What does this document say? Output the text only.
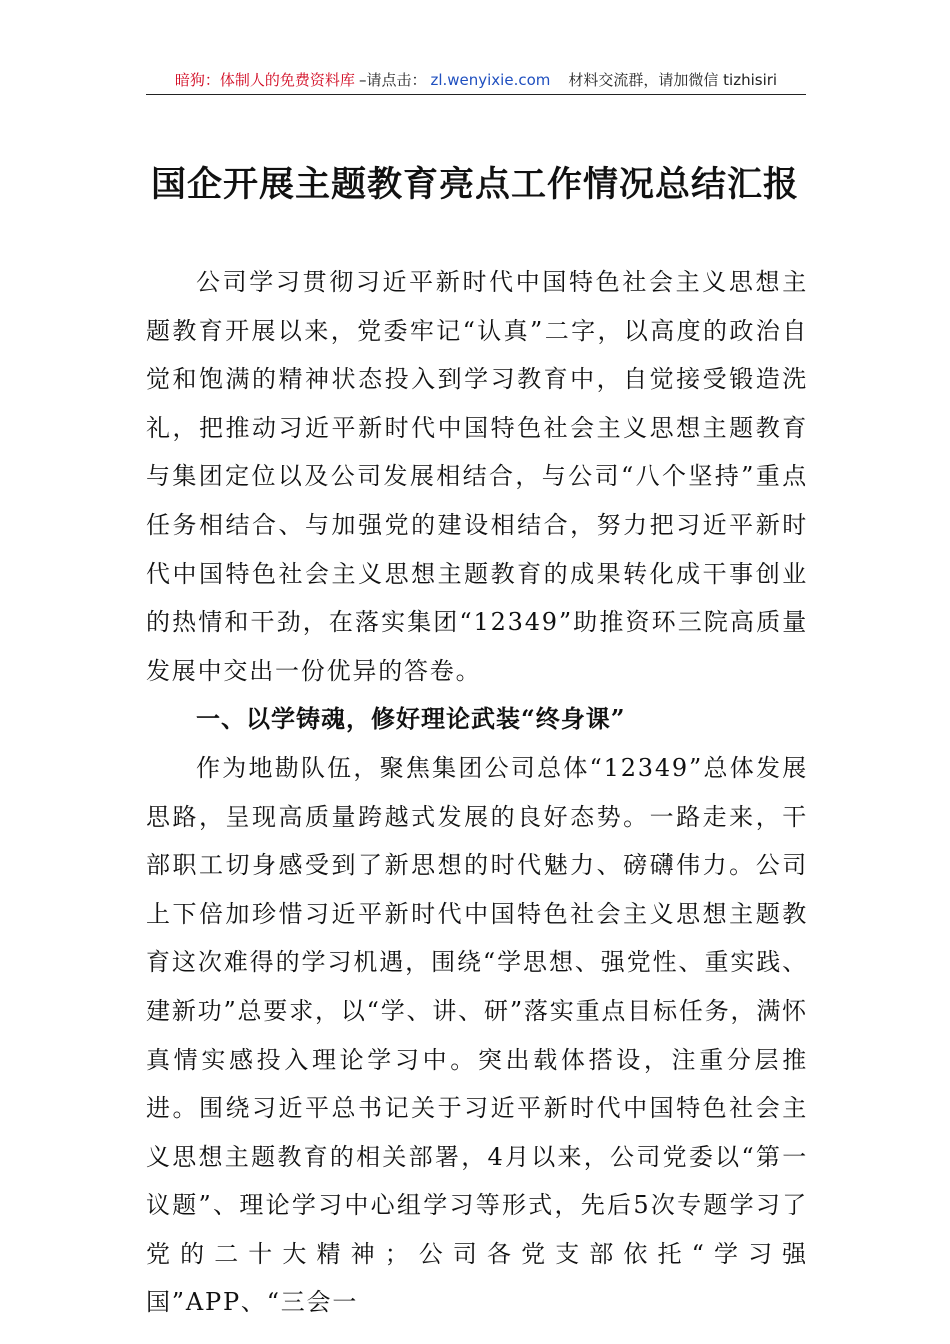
暗狗：体制人的免费资料库 –请点击： zl.wenyixie.com 材料交流群，请加微信 tizhisiri
国企开展主题教育亮点工作情况总结汇报

公司学习贯彻习近平新时代中国特色社会主义思想主题教育开展以来，党委牢记“认真”二字，以高度的政治自觉和饱满的精神状态投入到学习教育中，自觉接受锻造洗礼，把推动习近平新时代中国特色社会主义思想主题教育与集团定位以及公司发展相结合，与公司“八个坚持”重点任务相结合、与加强党的建设相结合，努力把习近平新时代中国特色社会主义思想主题教育的成果转化成干事创业的热情和干劲，在落实集团“12349”助推资环三院高质量发展中交出一份优异的答卷。

一、以学铸魂，修好理论武装“终身课”

作为地勘队伍，聚焦集团公司总体“12349”总体发展思路，呈现高质量跨越式发展的良好态势。一路走来，干部职工切身感受到了新思想的时代魅力、磅礴伟力。公司上下倍加珍惜习近平新时代中国特色社会主义思想主题教育这次难得的学习机遇，围绕“学思想、强党性、重实践、建新功”总要求，以“学、讲、研”落实重点目标任务，满怀真情实感投入理论学习中。突出载体搭设，注重分层推进。围绕习近平总书记关于习近平新时代中国特色社会主义思想主题教育的相关部署，4月以来，公司党委以“第一议题”、理论学习中心组学习等形式，先后5次专题学习了党的二十大精神；公司各党支部依托“学习强国”APP、“三会一
